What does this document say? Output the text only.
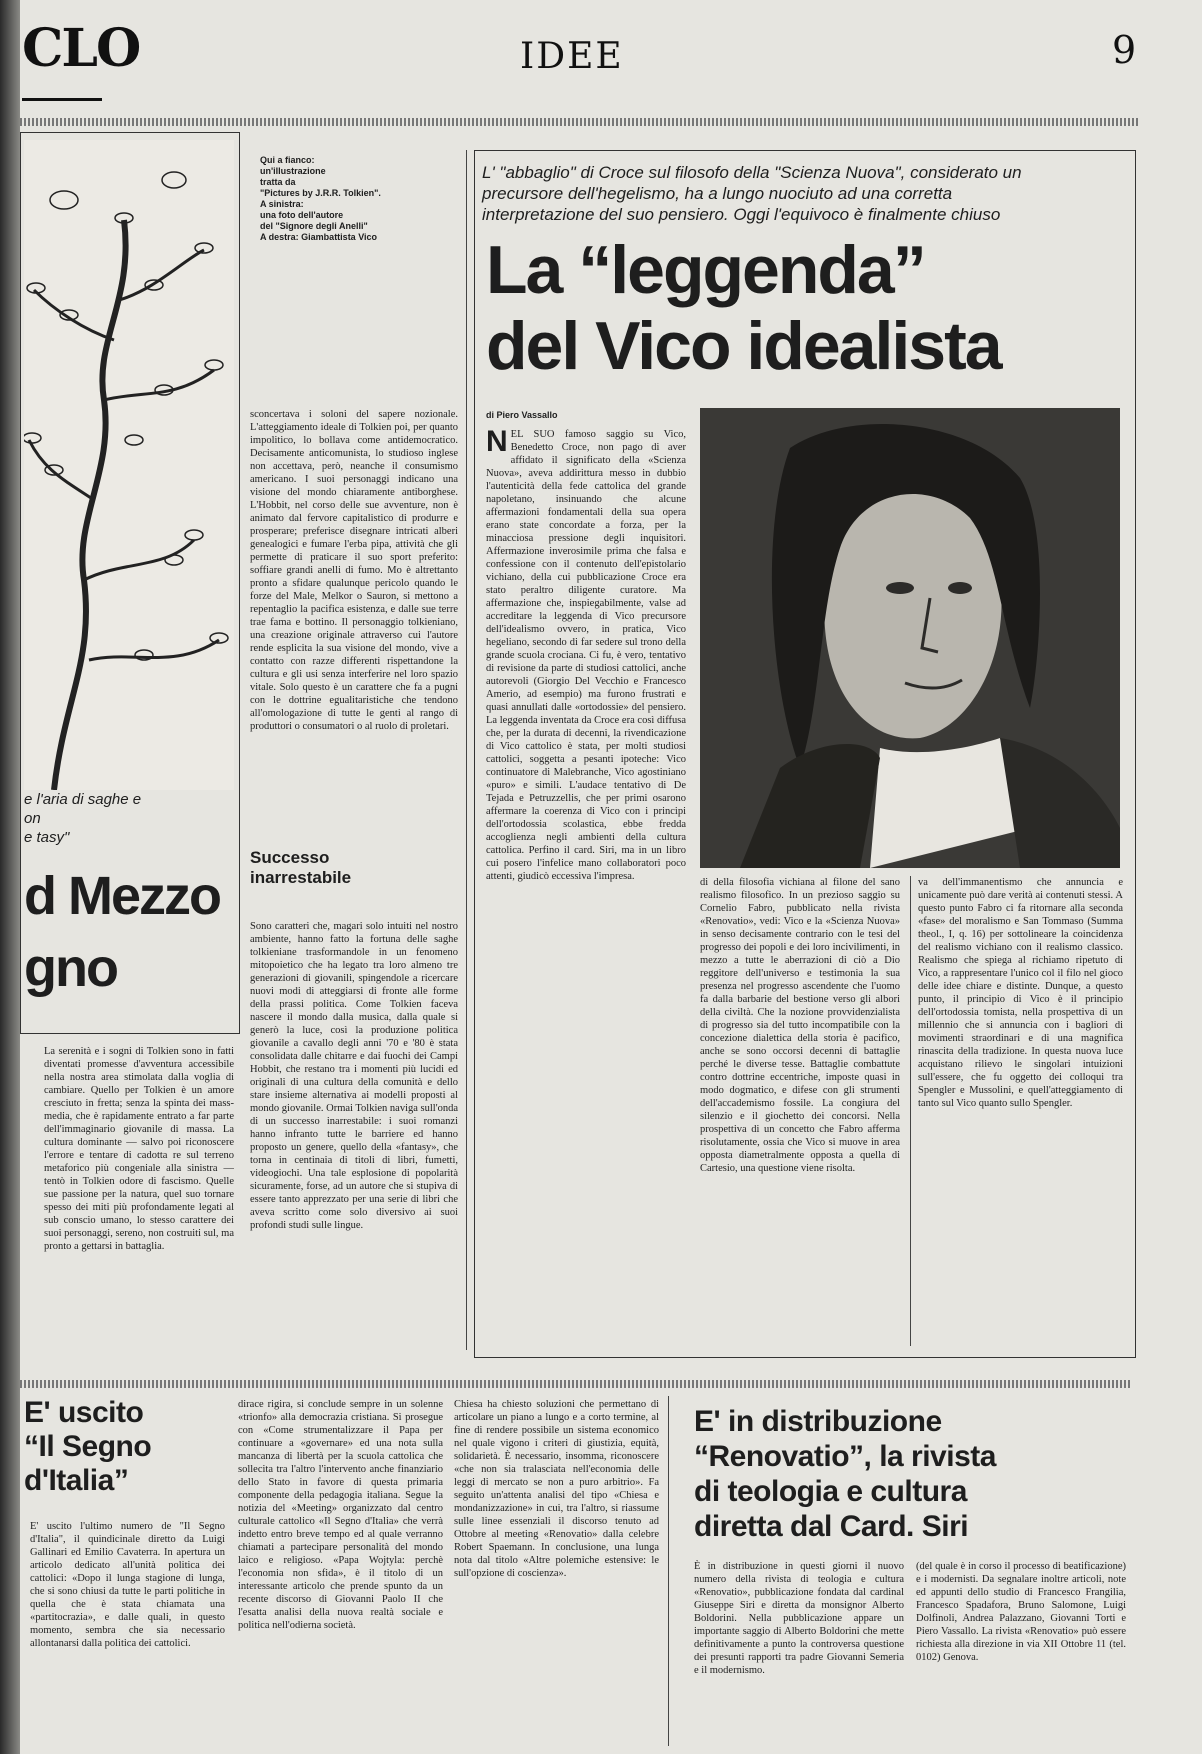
CLO	IDEE	9
e l'aria di saghe e
on
e tasy"
d Mezzo
gno

La serenità e i sogni di Tolkien sono in fatti diventati promesse d'avventura accessibile nella nostra area stimolata dalla voglia di cambiare. Quello per Tolkien è un amore cresciuto in fretta; senza la spinta dei mass-media, che è rapidamente entrato a far parte dell'immaginario giovanile di massa. La cultura dominante — salvo poi riconoscere l'errore e tentare di cadotta re sul terreno metaforico più congeniale alla sinistra — tentò in Tolkien odore di fascismo. Quelle sue passione per la natura, quel suo tornare spesso dei miti più profondamente legati al sub conscio umano, lo stesso carattere dei suoi personaggi, sereno, non costruiti sul, ma pronto a gettarsi in battaglia.

Qui a fianco:
un'illustrazione
tratta da
"Pictures by J.R.R. Tolkien".
A sinistra:
una foto dell'autore
del "Signore degli Anelli"
A destra: Giambattista Vico

sconcertava i soloni del sapere nozionale. L'atteggiamento ideale di Tolkien poi, per quanto impolitico, lo bollava come antidemocratico. Decisamente anticomunista, lo studioso inglese non accettava, però, neanche il consumismo americano. I suoi personaggi indicano una visione del mondo chiaramente antiborghese. L'Hobbit, nel corso delle sue avventure, non è animato dal fervore capitalistico di produrre e prosperare; preferisce disegnare intricati alberi genealogici e fumare l'erba pipa, attività che gli permette di praticare il suo sport preferito: soffiare grandi anelli di fumo. Mo è altrettanto pronto a sfidare qualunque pericolo quando le forze del Male, Melkor o Sauron, si mettono a repentaglio la pacifica esistenza, e dalle sue terre trae fama e bottino. Il personaggio tolkieniano, una creazione originale attraverso cui l'autore rende esplicita la sua visione del mondo, vive a contatto con razze differenti rispettandone la cultura e gli usi senza interferire nel loro spazio vitale. Solo questo è un carattere che fa a pugni con le dottrine egualitaristiche che tendono all'omologazione di tutte le genti al rango di produttori o consumatori o al ruolo di proletari.

Successo
inarrestabile

Sono caratteri che, magari solo intuiti nel nostro ambiente, hanno fatto la fortuna delle saghe tolkieniane trasformandole in un fenomeno mitopoietico che ha legato tra loro almeno tre generazioni di giovanili, spingendole a ricercare nuovi modi di atteggiarsi di fronte alle forme della prassi politica. Come Tolkien faceva nascere il mondo dalla musica, dalla quale si generò la luce, così la produzione politica giovanile a cavallo degli anni '70 e '80 è stata consolidata dalle chitarre e dai fuochi dei Campi Hobbit, che restano tra i momenti più lucidi ed originali di una cultura della comunità e dello stare insieme alternativa ai modelli proposti al mondo giovanile. Ormai Tolkien naviga sull'onda di un successo inarrestabile: i suoi romanzi hanno infranto tutte le barriere ed hanno proposto un genere, quello della «fantasy», che torna in centinaia di titoli di libri, fumetti, videogiochi. Una tale esplosione di popolarità sicuramente, forse, ad un autore che si stupiva di essere tanto apprezzato per una serie di libri che aveva scritto come solo diversivo ai suoi profondi studi sulle lingue.

L' "abbaglio" di Croce sul filosofo della "Scienza Nuova", considerato un precursore dell'hegelismo, ha a lungo nuociuto ad una corretta interpretazione del suo pensiero. Oggi l'equivoco è finalmente chiuso
La “leggenda”
del Vico idealista
di Piero Vassallo

NEL SUO famoso saggio su Vico, Benedetto Croce, non pago di aver affidato il significato della «Scienza Nuova», aveva addirittura messo in dubbio l'autenticità della fede cattolica del grande napoletano, insinuando che alcune affermazioni fondamentali della sua opera erano state concordate a forza, per la minacciosa pressione degli inquisitori. Affermazione inverosimile prima che falsa e confessione con il contenuto dell'epistolario vichiano, della cui pubblicazione Croce era stato peraltro diligente curatore. Ma affermazione che, inspiegabilmente, valse ad accreditare la leggenda di Vico precursore dell'idealismo ovvero, in pratica, Vico hegeliano, secondo di far sedere sul trono della grande scuola crociana. Ci fu, è vero, tentativo di revisione da parte di studiosi cattolici, anche autorevoli (Giorgio Del Vecchio e Francesco Amerio, ad esempio) ma furono frustrati e quasi annullati dalle «ortodossie» del pensiero. La leggenda inventata da Croce era così diffusa che, per la durata di decenni, la rivendicazione di Vico cattolico è stata, per molti studiosi cattolici, soggetta a pesanti ipoteche: Vico continuatore di Malebranche, Vico agostiniano «puro» e simili. L'audace tentativo di De Tejada e Petruzzellis, che per primi osarono affermare la coerenza di Vico con i principi dell'ortodossia scolastica, ebbe fredda accoglienza negli ambienti della cultura cattolica. Perfino il card. Siri, ma in un libro cui posero l'infelice mano collaboratori poco attenti, giudicò eccessiva l'impresa.

di della filosofia vichiana al filone del sano realismo filosofico. In un prezioso saggio su Cornelio Fabro, pubblicato nella rivista «Renovatio», vedi: Vico e la «Scienza Nuova» in senso decisamente contrario con le tesi del progresso dei popoli e dei loro incivilimenti, in mezzo a tutte le aberrazioni di ciò a Dio reggitore dell'universo e testimonia la sua presenza nel progresso ascendente che l'uomo fa dalla barbarie del bestione verso gli albori della civiltà. Che la nozione provvidenzialista di progresso sia del tutto incompatibile con la concezione dialettica della storia è pacifico, anche se sono occorsi decenni di battaglie perché le diverse tesse. Battaglie combattute contro dottrine eccentriche, imposte quasi in modo dogmatico, e difese con gli strumenti dell'accademismo fossile. La congiura del silenzio e il giochetto dei concorsi. Nella prospettiva di un concetto che Fabro afferma risolutamente, ossia che Vico si muove in area opposta diametralmente opposta a quella di Cartesio, una questione viene risolta.

va dell'immanentismo che annuncia e unicamente può dare verità ai contenuti stessi. A questo punto Fabro ci fa ritornare alla seconda «fase» del moralismo e San Tommaso (Summa theol., I, q. 16) per sottolineare la coincidenza del realismo vichiano con il realismo classico. Realismo che spiega al richiamo ripetuto di Vico, a rappresentare l'unico col il filo nel gioco delle idee chiare e distinte. Dunque, a questo punto, il principio di Vico è il principio dell'ortodossia tomista, nella prospettiva di un millennio che si annuncia con i bagliori di movimenti straordinari e di una magnifica rinascita della tradizione. In questa nuova luce acquistano rilievo le singolari intuizioni sull'essere, che fu oggetto dei colloqui tra Spengler e Mussolini, e quell'atteggiamento di tanto sul Vico quanto sullo Spengler.

E' uscito
“Il Segno
d'Italia”

E' uscito l'ultimo numero de "Il Segno d'Italia", il quindicinale diretto da Luigi Gallinari ed Emilio Cavaterra. In apertura un articolo dedicato all'unità politica dei cattolici: «Dopo il lunga stagione di lunga, che si sono chiusi da tutte le parti politiche in quella che è stata chiamata una «partitocrazia», e dalle quali, in questo momento, sembra che sia necessario allontanarsi dalla politica dei cattolici.

dirace rigira, si conclude sempre in un solenne «trionfo» alla democrazia cristiana. Si prosegue con «Come strumentalizzare il Papa per continuare a «governare» ed una nota sulla mancanza di libertà per la scuola cattolica che sollecita tra l'altro l'intervento anche finanziario dello Stato in favore di questa primaria componente della pedagogia italiana. Segue la notizia del «Meeting» organizzato dal centro culturale cattolico «Il Segno d'Italia» che verrà indetto entro breve tempo ed al quale verranno chiamati a partecipare personalità del mondo laico e religioso. «Papa Wojtyla: perchè l'economia non sfida», è il titolo di un interessante articolo che prende spunto da un recente discorso di Giovanni Paolo II che l'esatta analisi della nuova realtà sociale e politica nell'odierna società.

Chiesa ha chiesto soluzioni che permettano di articolare un piano a lungo e a corto termine, al fine di rendere possibile un sistema economico nel quale vigono i criteri di giustizia, equità, solidarietà. È necessario, insomma, riconoscere «che non sia tralasciata nell'economia delle leggi di mercato se non a puro arbitrio». Fa seguito un'attenta analisi del tipo «Chiesa e mondanizzazione» in cui, tra l'altro, si riassume sulle linee essenziali il discorso tenuto ad Ottobre al meeting «Renovatio» dalla celebre Robert Spaemann. In conclusione, una lunga nota dal titolo «Altre polemiche estensive: le sull'opzione di coscienza».

E' in distribuzione
“Renovatio”, la rivista
di teologia e cultura
diretta dal Card. Siri

È in distribuzione in questi giorni il nuovo numero della rivista di teologia e cultura «Renovatio», pubblicazione fondata dal cardinal Giuseppe Siri e diretta da monsignor Alberto Boldorini. Nella pubblicazione appare un importante saggio di Alberto Boldorini che mette definitivamente a punto la controversa questione dei presunti rapporti tra padre Giovanni Semeria e il modernismo.

(del quale è in corso il processo di beatificazione) e i modernisti. Da segnalare inoltre articoli, note ed appunti dello studio di Francesco Frangilia, Francesco Spadafora, Bruno Salomone, Luigi Dolfinoli, Andrea Palazzano, Giovanni Torti e Piero Vassallo. La rivista «Renovatio» può essere richiesta alla direzione in via XII Ottobre 11 (tel. 0102) Genova.
